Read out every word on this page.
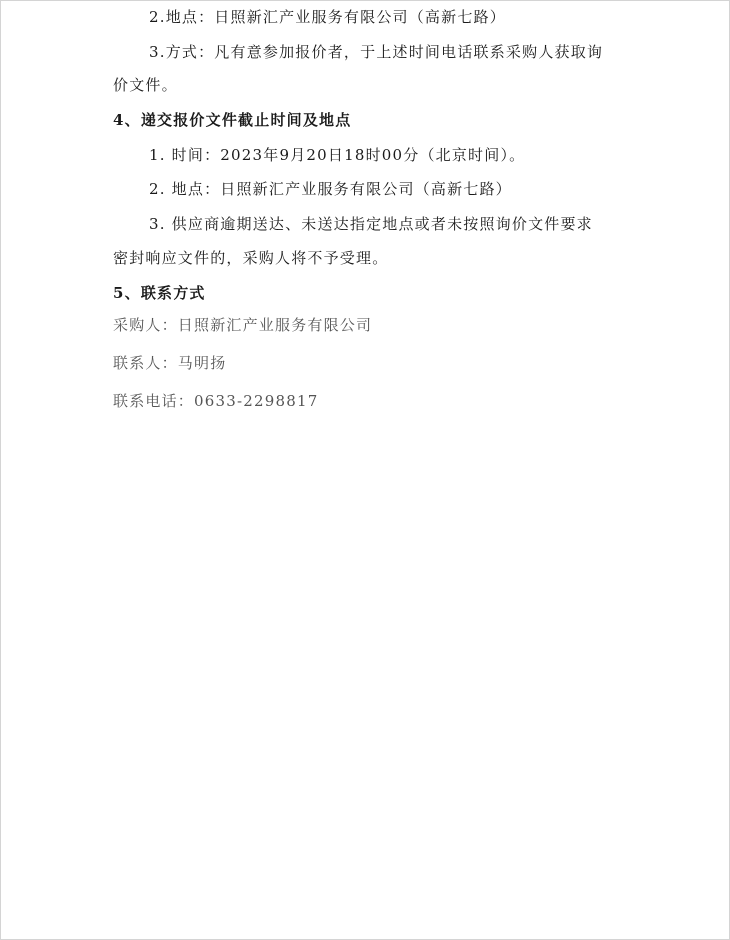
2.地点：日照新汇产业服务有限公司（高新七路）
3.方式：凡有意参加报价者，于上述时间电话联系采购人获取询
价文件。
4、递交报价文件截止时间及地点
1. 时间：2023年9月20日18时00分（北京时间）。
2. 地点：日照新汇产业服务有限公司（高新七路）
3. 供应商逾期送达、未送达指定地点或者未按照询价文件要求
密封响应文件的，采购人将不予受理。
5、联系方式
采购人：日照新汇产业服务有限公司
联系人：马明扬
联系电话：0633-2298817
